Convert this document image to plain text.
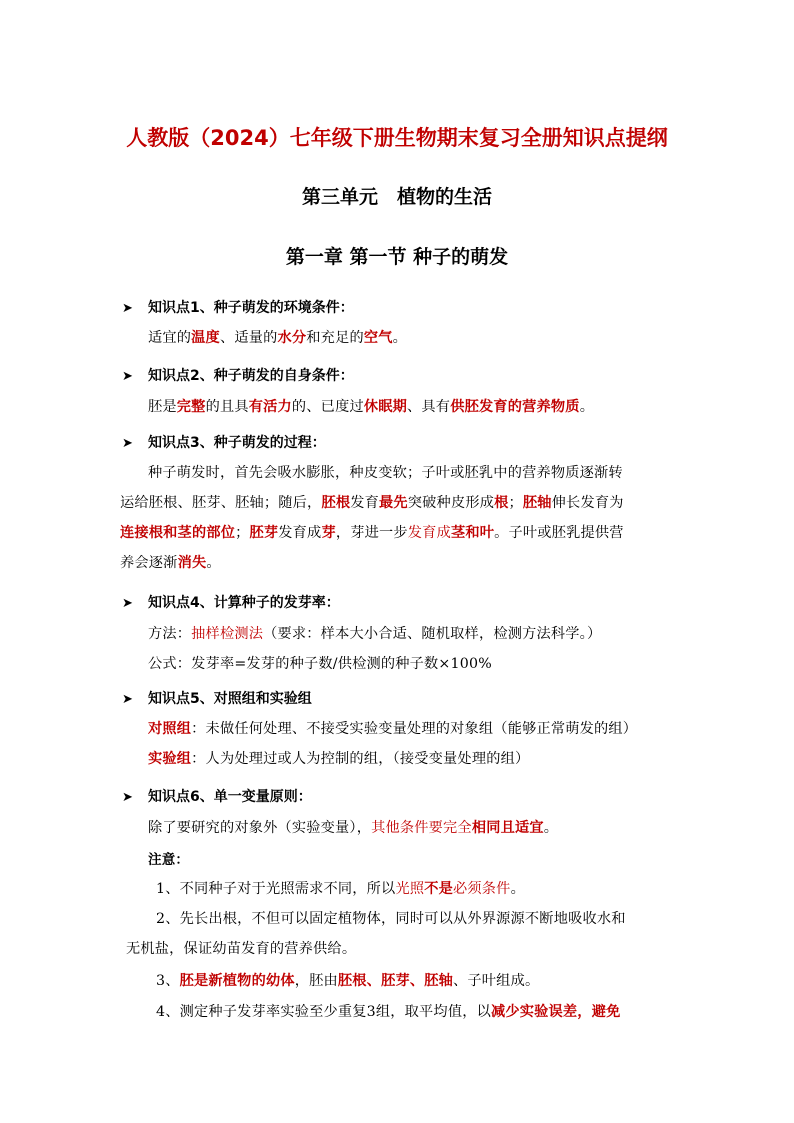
人教版（2024）七年级下册生物期末复习全册知识点提纲
第三单元　植物的生活
第一章 第一节 种子的萌发
➤ 知识点1、种子萌发的环境条件：
适宜的温度、适量的水分和充足的空气。
➤ 知识点2、种子萌发的自身条件：
胚是完整的且具有活力的、已度过休眠期、具有供胚发育的营养物质。
➤ 知识点3、种子萌发的过程：
种子萌发时，首先会吸水膨胀，种皮变软；子叶或胚乳中的营养物质逐渐转
运给胚根、胚芽、胚轴；随后，胚根发育最先突破种皮形成根；胚轴伸长发育为
连接根和茎的部位；胚芽发育成芽，芽进一步发育成茎和叶。子叶或胚乳提供营
养会逐渐消失。
➤ 知识点4、计算种子的发芽率：
方法：抽样检测法（要求：样本大小合适、随机取样，检测方法科学。）
公式：发芽率=发芽的种子数/供检测的种子数×100%
➤ 知识点5、对照组和实验组
对照组：未做任何处理、不接受实验变量处理的对象组（能够正常萌发的组）
实验组：人为处理过或人为控制的组，（接受变量处理的组）
➤ 知识点6、单一变量原则：
除了要研究的对象外（实验变量），其他条件要完全相同且适宜。
注意：
1、不同种子对于光照需求不同，所以光照不是必须条件。
2、先长出根，不但可以固定植物体，同时可以从外界源源不断地吸收水和
无机盐，保证幼苗发育的营养供给。
3、胚是新植物的幼体，胚由胚根、胚芽、胚轴、子叶组成。
4、测定种子发芽率实验至少重复3组，取平均值，以减少实验误差，避免
